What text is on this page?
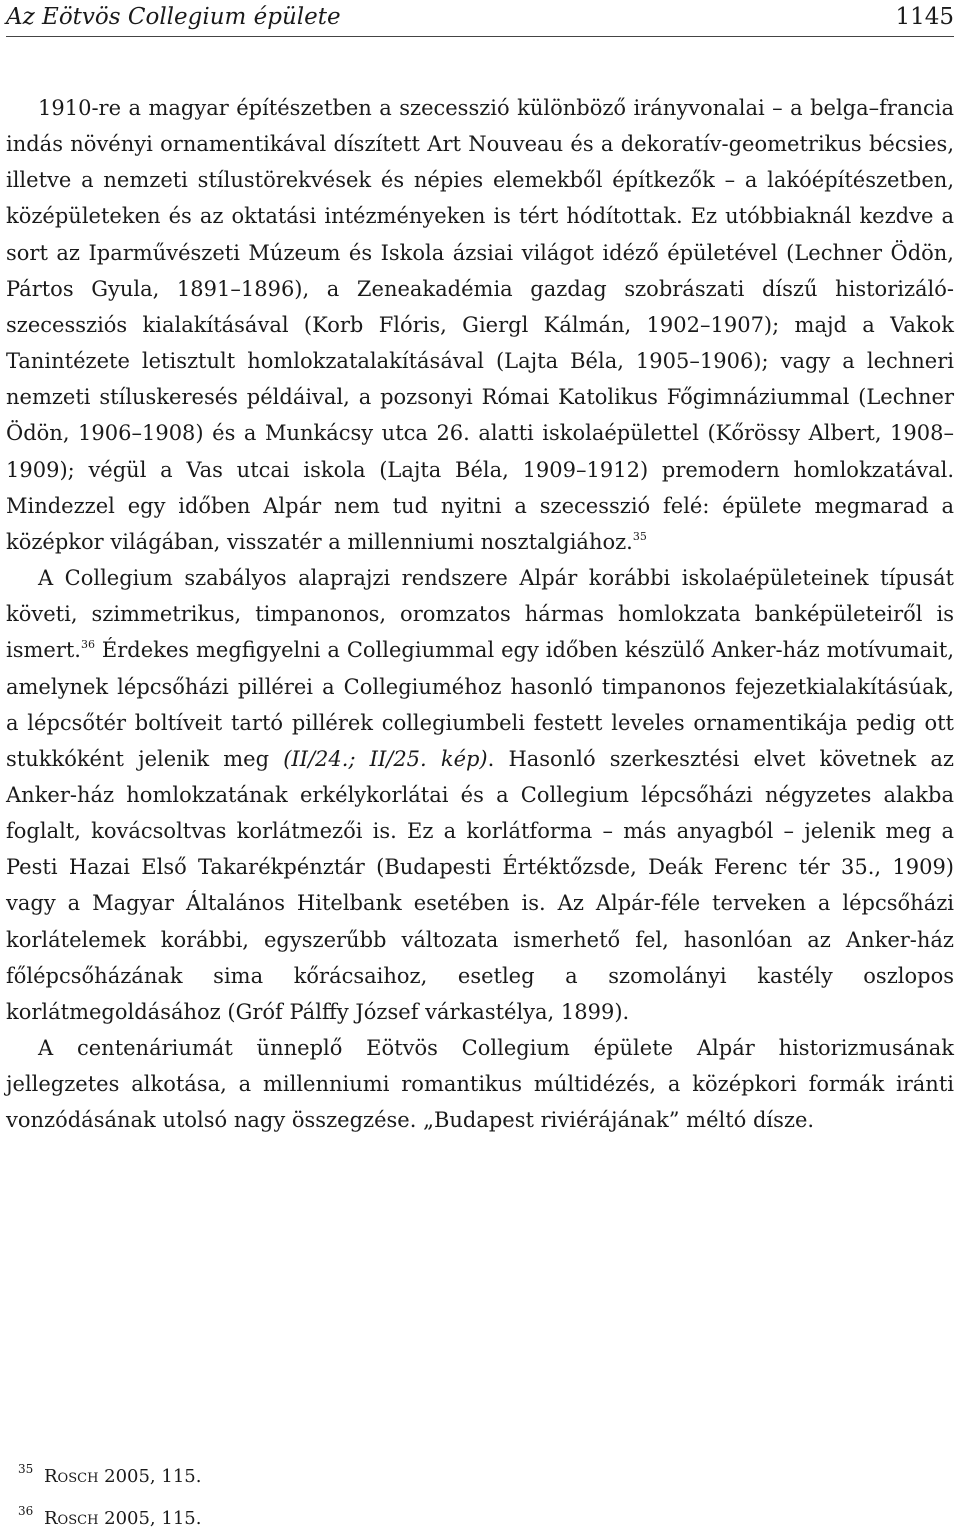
Az Eötvös Collegium épülete	1145

1910-re a magyar építészetben a szecesszió különböző irányvonalai – a belga–francia indás növényi ornamentikával díszített Art Nouveau és a dekoratív-geometrikus bécsies, illetve a nemzeti stílustörekvések és népies elemekből építkezők – a lakóépítészetben, középületeken és az oktatási intézményeken is tért hódítottak. Ez utóbbiaknál kezdve a sort az Iparművészeti Múzeum és Iskola ázsiai világot idéző épületével (Lechner Ödön, Pártos Gyula, 1891–1896), a Zeneakadémia gazdag szobrászati díszű historizáló-szecessziós kialakításával (Korb Flóris, Giergl Kálmán, 1902–1907); majd a Vakok Tanintézete letisztult homlokzatalakításával (Lajta Béla, 1905–1906); vagy a lechneri nemzeti stíluskeresés példáival, a pozsonyi Római Katolikus Főgimnáziummal (Lechner Ödön, 1906–1908) és a Munkácsy utca 26. alatti iskolaépülettel (Kőrössy Albert, 1908–1909); végül a Vas utcai iskola (Lajta Béla, 1909–1912) premodern homlokzatával. Mindezzel egy időben Alpár nem tud nyitni a szecesszió felé: épülete megmarad a középkor világában, visszatér a millenniumi nosztalgiához.$^{35}$

A Collegium szabályos alaprajzi rendszere Alpár korábbi iskolaépületeinek típusát követi, szimmetrikus, timpanonos, oromzatos hármas homlokzata banképületeiről is ismert.$^{36}$ Érdekes megfigyelni a Collegiummal egy időben készülő Anker-ház motívumait, amelynek lépcsőházi pillérei a Collegiuméhoz hasonló timpanonos fejezetkialakításúak, a lépcsőtér boltíveit tartó pillérek collegiumbeli festett leveles ornamentikája pedig ott stukkóként jelenik meg (II/24.; II/25. kép). Hasonló szerkesztési elvet követnek az Anker-ház homlokzatának erkélykorlátai és a Collegium lépcsőházi négyzetes alakba foglalt, kovácsoltvas korlátmezői is. Ez a korlátforma – más anyagból – jelenik meg a Pesti Hazai Első Takarékpénztár (Budapesti Értéktőzsde, Deák Ferenc tér 35., 1909) vagy a Magyar Általános Hitelbank esetében is. Az Alpár-féle terveken a lépcsőházi korlátelemek korábbi, egyszerűbb változata ismerhető fel, hasonlóan az Anker-ház főlépcsőházának sima kőrácsaihoz, esetleg a szomolányi kastély oszlopos korlátmegoldásához (Gróf Pálffy József várkastélya, 1899).

A centenáriumát ünneplő Eötvös Collegium épülete Alpár historizmusának jellegzetes alkotása, a millenniumi romantikus múltidézés, a középkori formák iránti vonzódásának utolsó nagy összegzése. „Budapest riviérájának” méltó dísze.

35 Rosch 2005, 115.
36 Rosch 2005, 115.
